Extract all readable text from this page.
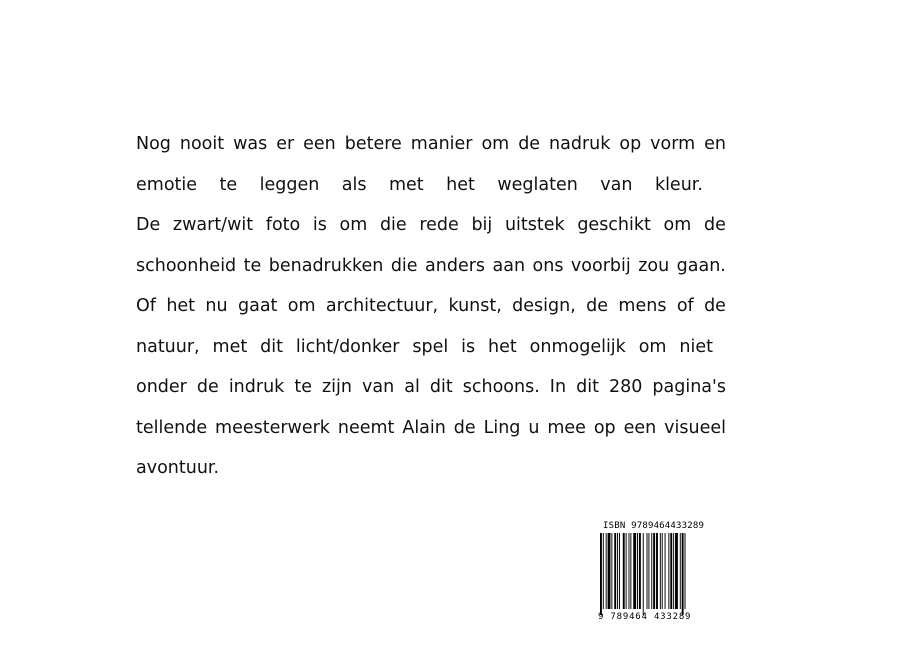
Nog nooit was er een betere manier om de nadruk op vorm en
emotie te leggen als met het weglaten van kleur.
De zwart/wit foto is om die rede bij uitstek geschikt om de
schoonheid te benadrukken die anders aan ons voorbij zou gaan.
Of het nu gaat om architectuur, kunst, design, de mens of de
natuur, met dit licht/donker spel is het onmogelijk om niet
onder de indruk te zijn van al dit schoons. In dit 280 pagina's
tellende meesterwerk neemt Alain de Ling u mee op een visueel
avontuur.
ISBN 9789464433289
9 789464 433289
